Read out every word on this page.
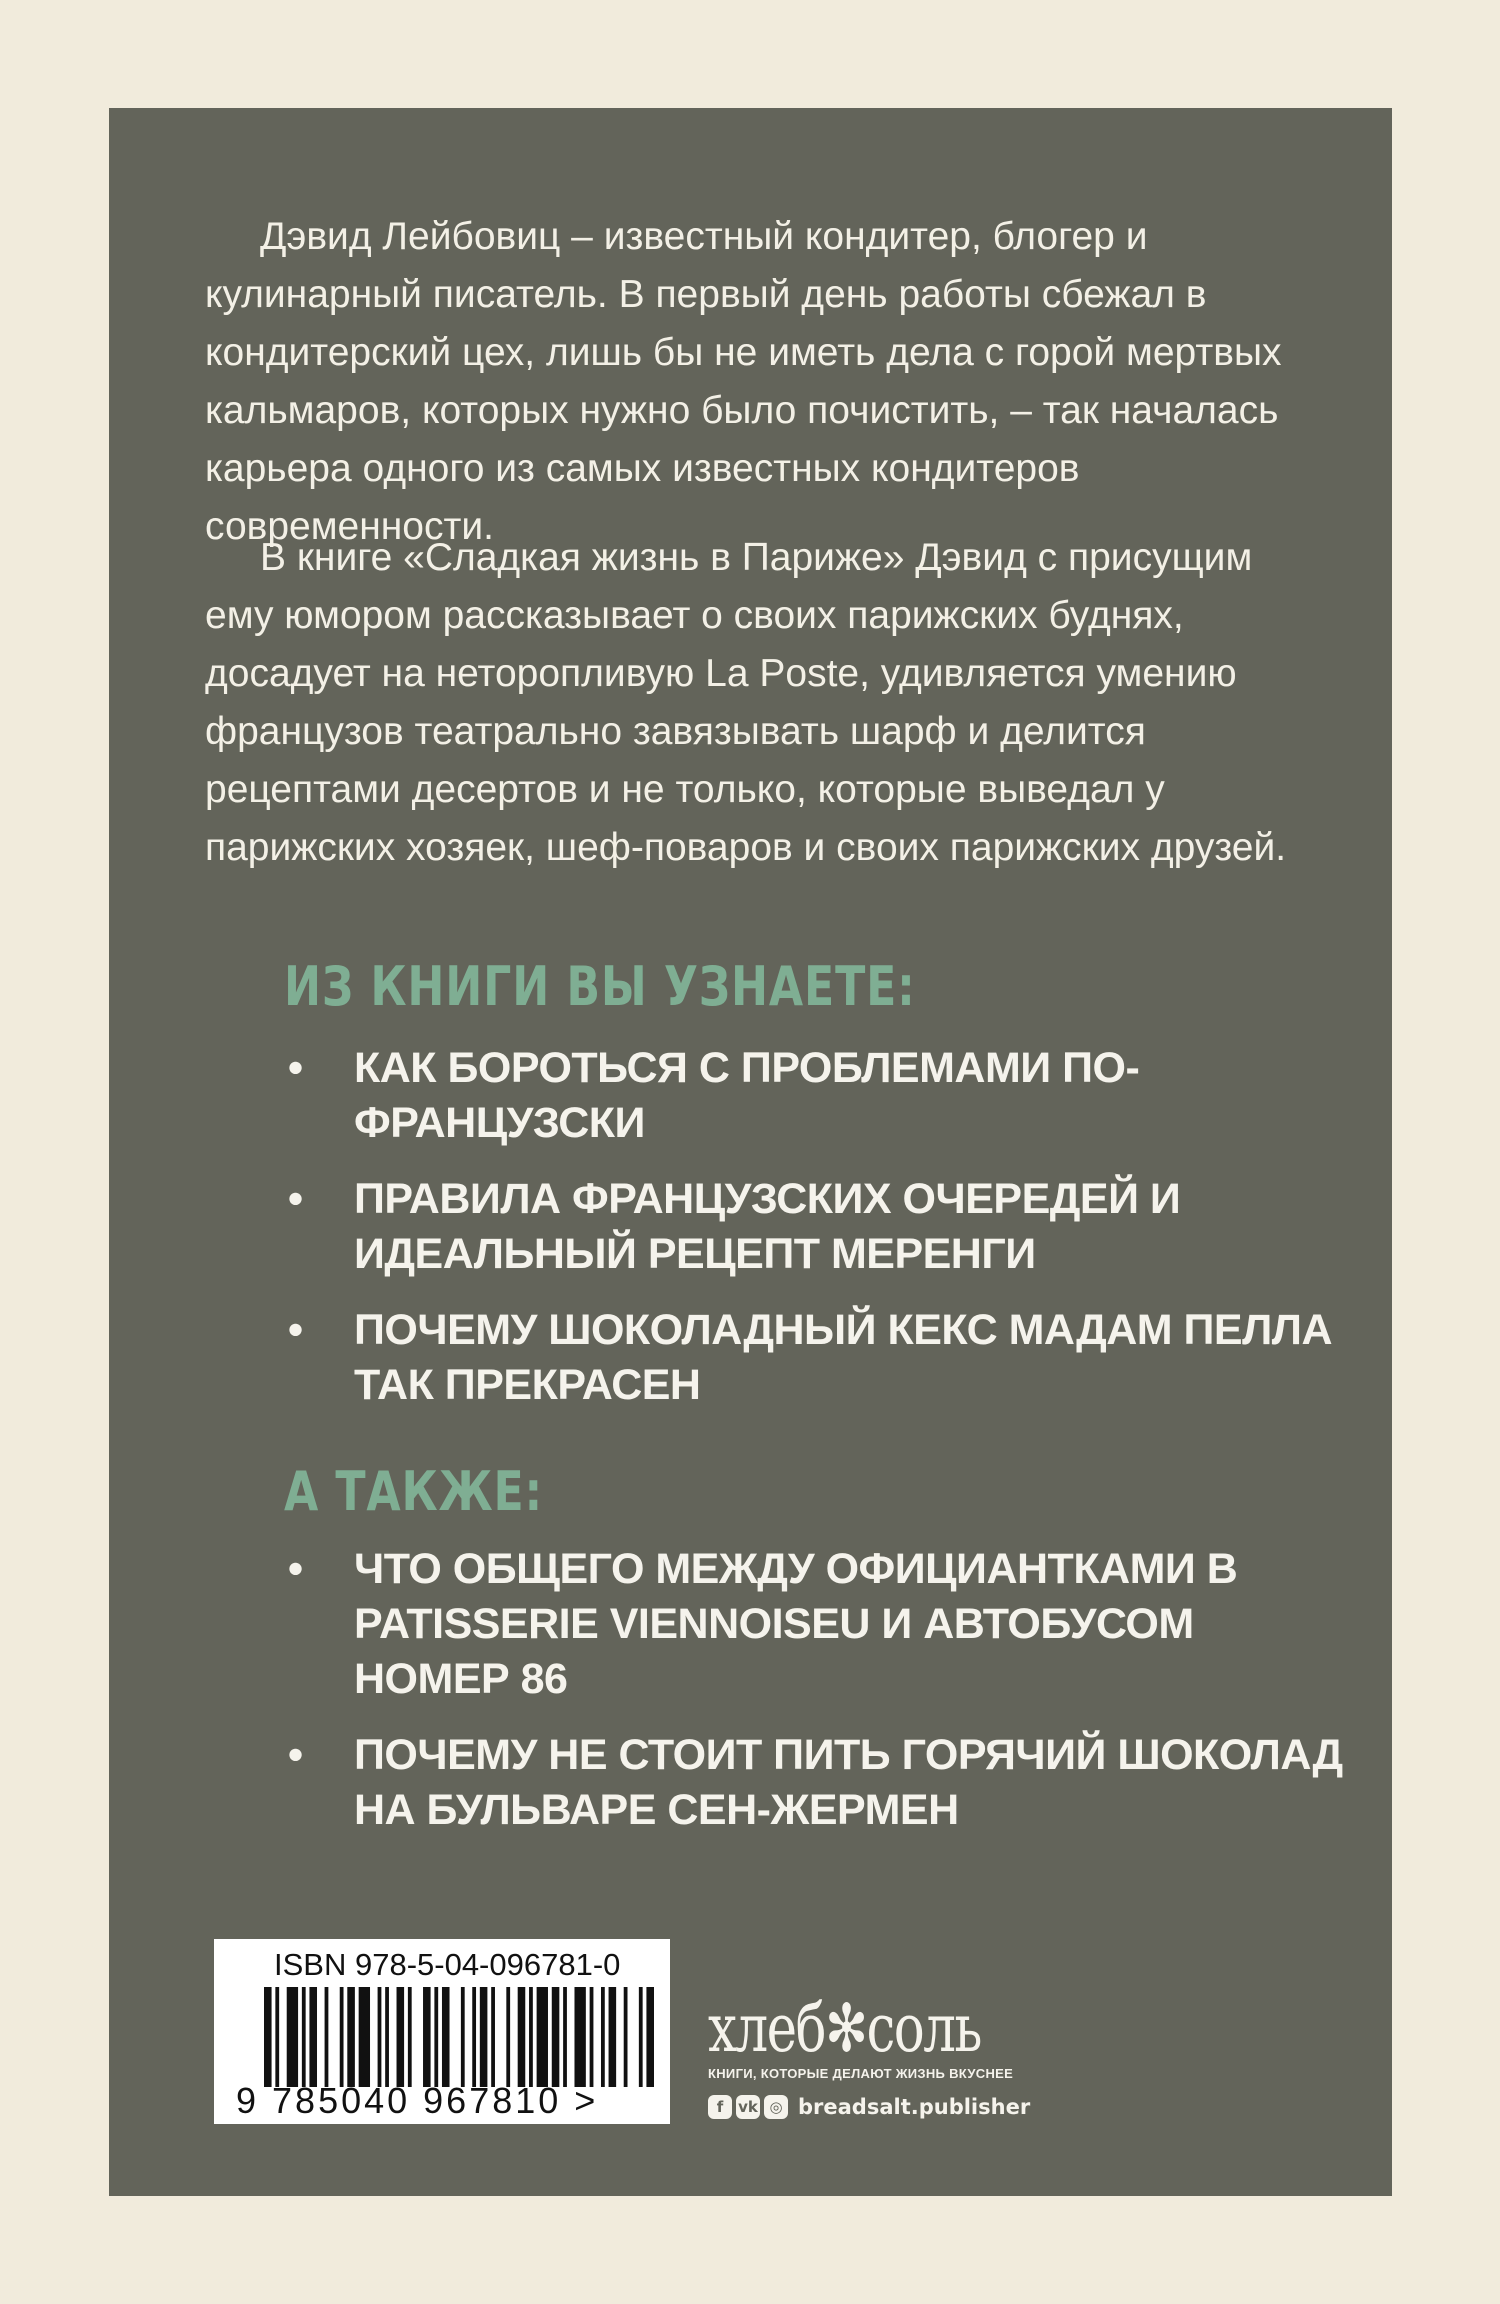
Дэвид Лейбовиц – известный кондитер, блогер и кулинарный писатель. В первый день работы сбежал в кондитерский цех, лишь бы не иметь дела с горой мертвых кальмаров, которых нужно было почистить, – так началась карьера одного из самых известных кондитеров современности.

В книге «Сладкая жизнь в Париже» Дэвид с присущим ему юмором рассказывает о своих парижских буднях, досадует на неторопливую La Poste, удивляется умению французов театрально завязывать шарф и делится рецептами десертов и не только, которые выведал у парижских хозяек, шеф-поваров и своих парижских друзей.

ИЗ КНИГИ ВЫ УЗНАЕТЕ:
• КАК БОРОТЬСЯ С ПРОБЛЕМАМИ ПО-ФРАНЦУЗСКИ
• ПРАВИЛА ФРАНЦУЗСКИХ ОЧЕРЕДЕЙ И ИДЕАЛЬНЫЙ РЕЦЕПТ МЕРЕНГИ
• ПОЧЕМУ ШОКОЛАДНЫЙ КЕКС МАДАМ ПЕЛЛА ТАК ПРЕКРАСЕН
А ТАКЖЕ:
• ЧТО ОБЩЕГО МЕЖДУ ОФИЦИАНТКАМИ В PATISSERIE VIENNOISEU И АВТОБУСОМ НОМЕР 86
• ПОЧЕМУ НЕ СТОИТ ПИТЬ ГОРЯЧИЙ ШОКОЛАД НА БУЛЬВАРЕ СЕН-ЖЕРМЕН
ISBN 978-5-04-096781-0
9 785040 967810 >
хлеб✻соль
КНИГИ, КОТОРЫЕ ДЕЛАЮТ ЖИЗНЬ ВКУСНЕЕ
f vk ◎ breadsalt.publisher
